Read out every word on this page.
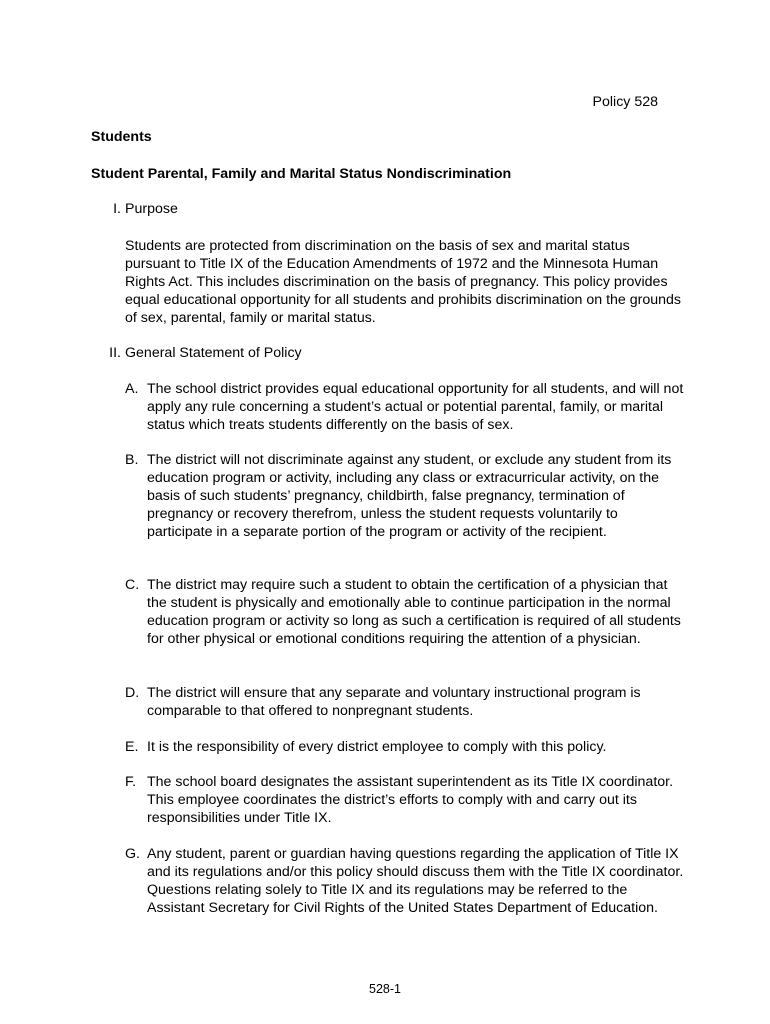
Policy 528
Students
Student Parental, Family and Marital Status Nondiscrimination
I. Purpose
Students are protected from discrimination on the basis of sex and marital status pursuant to Title IX of the Education Amendments of 1972 and the Minnesota Human Rights Act. This includes discrimination on the basis of pregnancy. This policy provides equal educational opportunity for all students and prohibits discrimination on the grounds of sex, parental, family or marital status.
II. General Statement of Policy
A. The school district provides equal educational opportunity for all students, and will not apply any rule concerning a student’s actual or potential parental, family, or marital status which treats students differently on the basis of sex.
B. The district will not discriminate against any student, or exclude any student from its education program or activity, including any class or extracurricular activity, on the basis of such students’ pregnancy, childbirth, false pregnancy, termination of pregnancy or recovery therefrom, unless the student requests voluntarily to participate in a separate portion of the program or activity of the recipient.
C. The district may require such a student to obtain the certification of a physician that the student is physically and emotionally able to continue participation in the normal education program or activity so long as such a certification is required of all students for other physical or emotional conditions requiring the attention of a physician.
D. The district will ensure that any separate and voluntary instructional program is comparable to that offered to nonpregnant students.
E. It is the responsibility of every district employee to comply with this policy.
F. The school board designates the assistant superintendent as its Title IX coordinator. This employee coordinates the district’s efforts to comply with and carry out its responsibilities under Title IX.
G. Any student, parent or guardian having questions regarding the application of Title IX and its regulations and/or this policy should discuss them with the Title IX coordinator. Questions relating solely to Title IX and its regulations may be referred to the Assistant Secretary for Civil Rights of the United States Department of Education.
528-1
